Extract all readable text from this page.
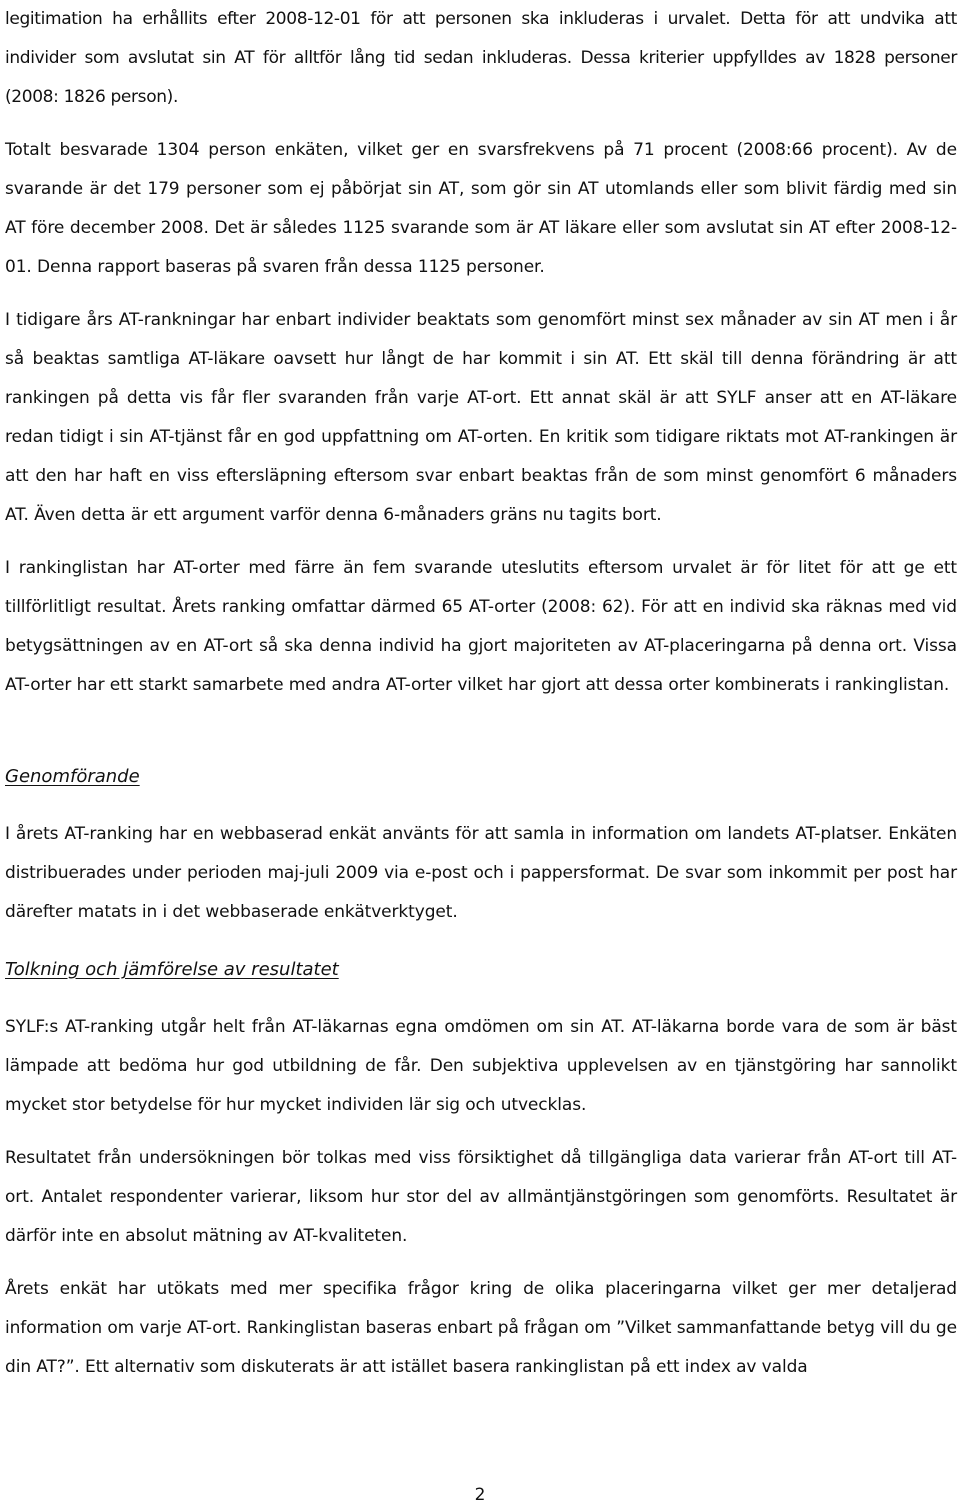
legitimation ha erhållits efter 2008-12-01 för att personen ska inkluderas i urvalet. Detta för att undvika att individer som avslutat sin AT för alltför lång tid sedan inkluderas. Dessa kriterier uppfylldes av 1828 personer (2008: 1826 person).

Totalt besvarade 1304 person enkäten, vilket ger en svarsfrekvens på 71 procent (2008:66 procent). Av de svarande är det 179 personer som ej påbörjat sin AT, som gör sin AT utomlands eller som blivit färdig med sin AT före december 2008. Det är således 1125 svarande som är AT läkare eller som avslutat sin AT efter 2008-12-01. Denna rapport baseras på svaren från dessa 1125 personer.

I tidigare års AT-rankningar har enbart individer beaktats som genomfört minst sex månader av sin AT men i år så beaktas samtliga AT-läkare oavsett hur långt de har kommit i sin AT. Ett skäl till denna förändring är att rankingen på detta vis får fler svaranden från varje AT-ort. Ett annat skäl är att SYLF anser att en AT-läkare redan tidigt i sin AT-tjänst får en god uppfattning om AT-orten. En kritik som tidigare riktats mot AT-rankingen är att den har haft en viss eftersläpning eftersom svar enbart beaktas från de som minst genomfört 6 månaders AT. Även detta är ett argument varför denna 6-månaders gräns nu tagits bort.

I rankinglistan har AT-orter med färre än fem svarande uteslutits eftersom urvalet är för litet för att ge ett tillförlitligt resultat. Årets ranking omfattar därmed 65 AT-orter (2008: 62). För att en individ ska räknas med vid betygsättningen av en AT-ort så ska denna individ ha gjort majoriteten av AT-placeringarna på denna ort. Vissa AT-orter har ett starkt samarbete med andra AT-orter vilket har gjort att dessa orter kombinerats i rankinglistan.

Genomförande

I årets AT-ranking har en webbaserad enkät använts för att samla in information om landets AT-platser. Enkäten distribuerades under perioden maj-juli 2009 via e-post och i pappersformat. De svar som inkommit per post har därefter matats in i det webbaserade enkätverktyget.

Tolkning och jämförelse av resultatet

SYLF:s AT-ranking utgår helt från AT-läkarnas egna omdömen om sin AT. AT-läkarna borde vara de som är bäst lämpade att bedöma hur god utbildning de får. Den subjektiva upplevelsen av en tjänstgöring har sannolikt mycket stor betydelse för hur mycket individen lär sig och utvecklas.

Resultatet från undersökningen bör tolkas med viss försiktighet då tillgängliga data varierar från AT-ort till AT-ort. Antalet respondenter varierar, liksom hur stor del av allmäntjänstgöringen som genomförts. Resultatet är därför inte en absolut mätning av AT-kvaliteten.

Årets enkät har utökats med mer specifika frågor kring de olika placeringarna vilket ger mer detaljerad information om varje AT-ort. Rankinglistan baseras enbart på frågan om ”Vilket sammanfattande betyg vill du ge din AT?”. Ett alternativ som diskuterats är att istället basera rankinglistan på ett index av valda

2
